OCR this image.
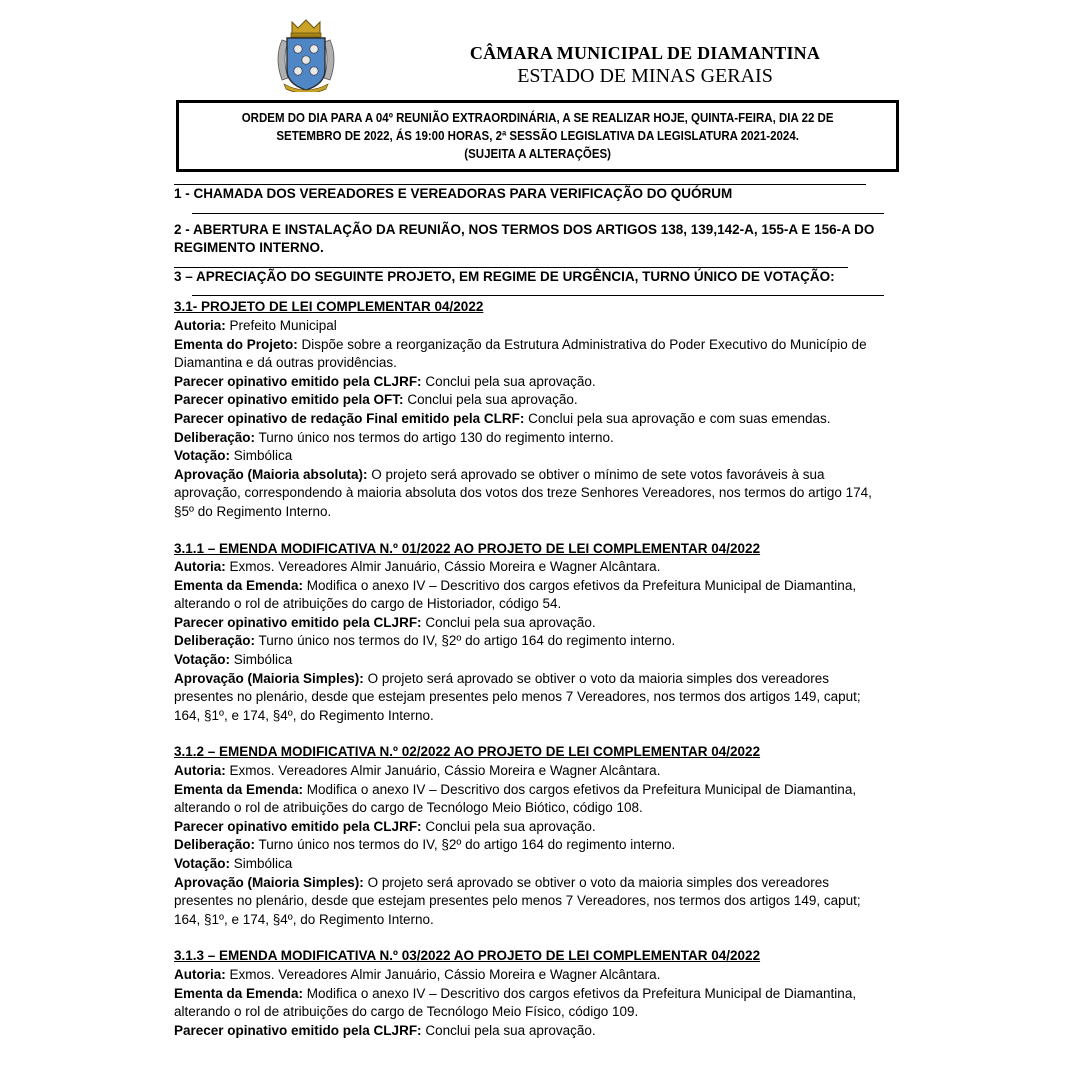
CÂMARA MUNICIPAL DE DIAMANTINA
ESTADO DE MINAS GERAIS

ORDEM DO DIA PARA A 04º REUNIÃO EXTRAORDINÁRIA, A SE REALIZAR HOJE, QUINTA-FEIRA, DIA 22 DE
SETEMBRO DE 2022, ÁS 19:00 HORAS, 2ª SESSÃO LEGISLATIVA DA LEGISLATURA 2021-2024.
(SUJEITA A ALTERAÇÕES)

1 - CHAMADA DOS VEREADORES E VEREADORAS PARA VERIFICAÇÃO DO QUÓRUM

2 - ABERTURA E INSTALAÇÃO DA REUNIÃO, NOS TERMOS DOS ARTIGOS 138, 139,142-A, 155-A E 156-A DO

REGIMENTO INTERNO.

3 – APRECIAÇÃO DO SEGUINTE PROJETO, EM REGIME DE URGÊNCIA, TURNO ÚNICO DE VOTAÇÃO:

3.1- PROJETO DE LEI COMPLEMENTAR 04/2022

Autoria: Prefeito Municipal

Ementa do Projeto: Dispõe sobre a reorganização da Estrutura Administrativa do Poder Executivo do Município de

Diamantina e dá outras providências.

Parecer opinativo emitido pela CLJRF: Conclui pela sua aprovação.

Parecer opinativo emitido pela OFT: Conclui pela sua aprovação.

Parecer opinativo de redação Final emitido pela CLRF: Conclui pela sua aprovação e com suas emendas.

Deliberação: Turno único nos termos do artigo 130 do regimento interno.

Votação: Simbólica

Aprovação (Maioria absoluta): O projeto será aprovado se obtiver o mínimo de sete votos favoráveis à sua

aprovação, correspondendo à maioria absoluta dos votos dos treze Senhores Vereadores, nos termos do artigo 174,

§5º do Regimento Interno.

3.1.1 – EMENDA MODIFICATIVA N.º 01/2022 AO PROJETO DE LEI COMPLEMENTAR 04/2022

Autoria: Exmos. Vereadores Almir Januário, Cássio Moreira e Wagner Alcântara.

Ementa da Emenda: Modifica o anexo IV – Descritivo dos cargos efetivos da Prefeitura Municipal de Diamantina,

alterando o rol de atribuições do cargo de Historiador, código 54.

Parecer opinativo emitido pela CLJRF: Conclui pela sua aprovação.

Deliberação: Turno único nos termos do IV, §2º do artigo 164 do regimento interno.

Votação: Simbólica

Aprovação (Maioria Simples): O projeto será aprovado se obtiver o voto da maioria simples dos vereadores

presentes no plenário, desde que estejam presentes pelo menos 7 Vereadores, nos termos dos artigos 149, caput;

164, §1º, e 174, §4º, do Regimento Interno.

3.1.2 – EMENDA MODIFICATIVA N.º 02/2022 AO PROJETO DE LEI COMPLEMENTAR 04/2022

Autoria: Exmos. Vereadores Almir Januário, Cássio Moreira e Wagner Alcântara.

Ementa da Emenda: Modifica o anexo IV – Descritivo dos cargos efetivos da Prefeitura Municipal de Diamantina,

alterando o rol de atribuições do cargo de Tecnólogo Meio Biótico, código 108.

Parecer opinativo emitido pela CLJRF: Conclui pela sua aprovação.

Deliberação: Turno único nos termos do IV, §2º do artigo 164 do regimento interno.

Votação: Simbólica

Aprovação (Maioria Simples): O projeto será aprovado se obtiver o voto da maioria simples dos vereadores

presentes no plenário, desde que estejam presentes pelo menos 7 Vereadores, nos termos dos artigos 149, caput;

164, §1º, e 174, §4º, do Regimento Interno.

3.1.3 – EMENDA MODIFICATIVA N.º 03/2022 AO PROJETO DE LEI COMPLEMENTAR 04/2022

Autoria: Exmos. Vereadores Almir Januário, Cássio Moreira e Wagner Alcântara.

Ementa da Emenda: Modifica o anexo IV – Descritivo dos cargos efetivos da Prefeitura Municipal de Diamantina,

alterando o rol de atribuições do cargo de Tecnólogo Meio Físico, código 109.

Parecer opinativo emitido pela CLJRF: Conclui pela sua aprovação.
